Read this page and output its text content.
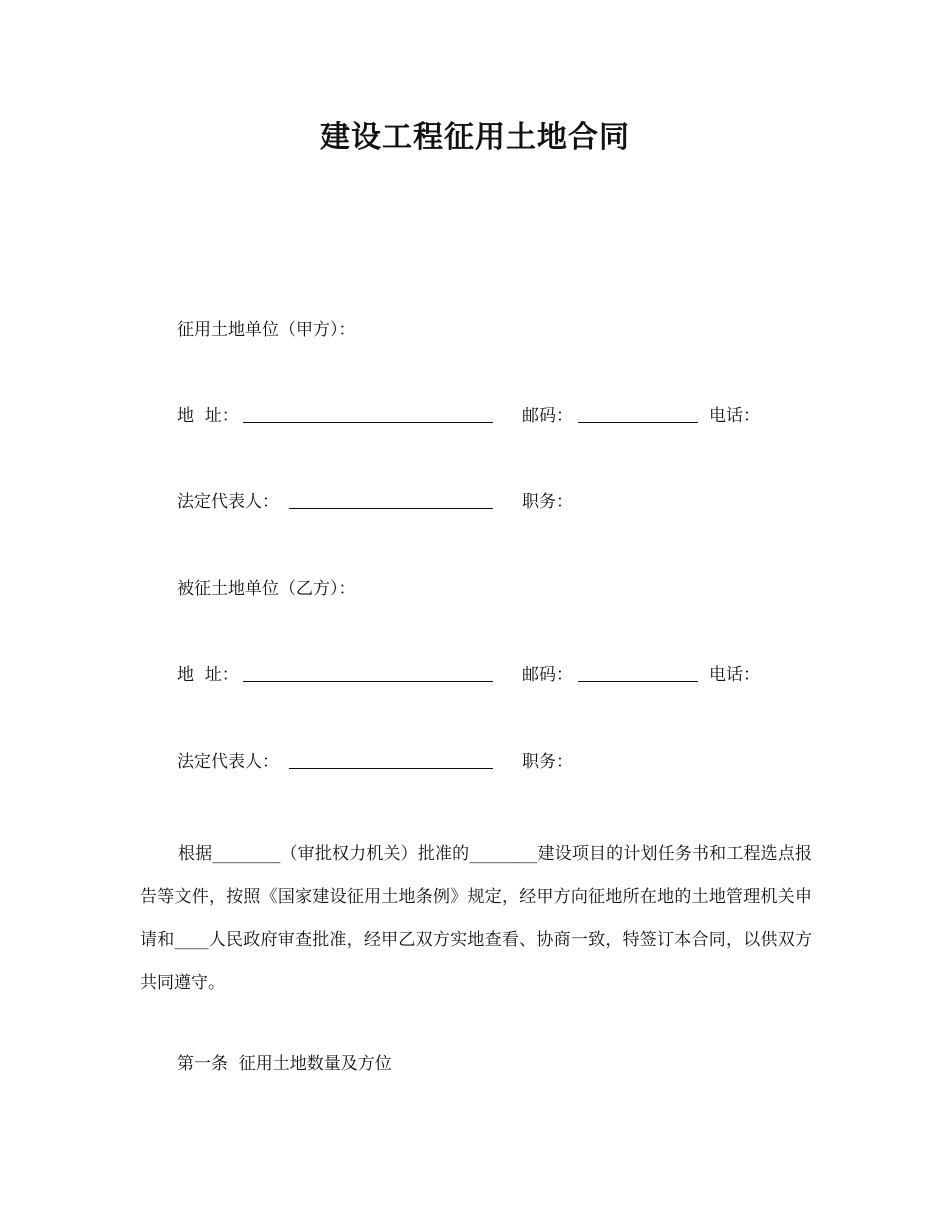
建设工程征用土地合同
征用土地单位（甲方）：
地  址：	邮码：	电话：
法定代表人：	职务：
被征土地单位（乙方）：
地  址：	邮码：	电话：
法定代表人：	职务：
根据________（审批权力机关）批准的________建设项目的计划任务书和工程选点报告等文件，按照《国家建设征用土地条例》规定，经甲方向征地所在地的土地管理机关申请和____人民政府审查批准，经甲乙双方实地查看、协商一致，特签订本合同，以供双方共同遵守。
第一条  征用土地数量及方位
